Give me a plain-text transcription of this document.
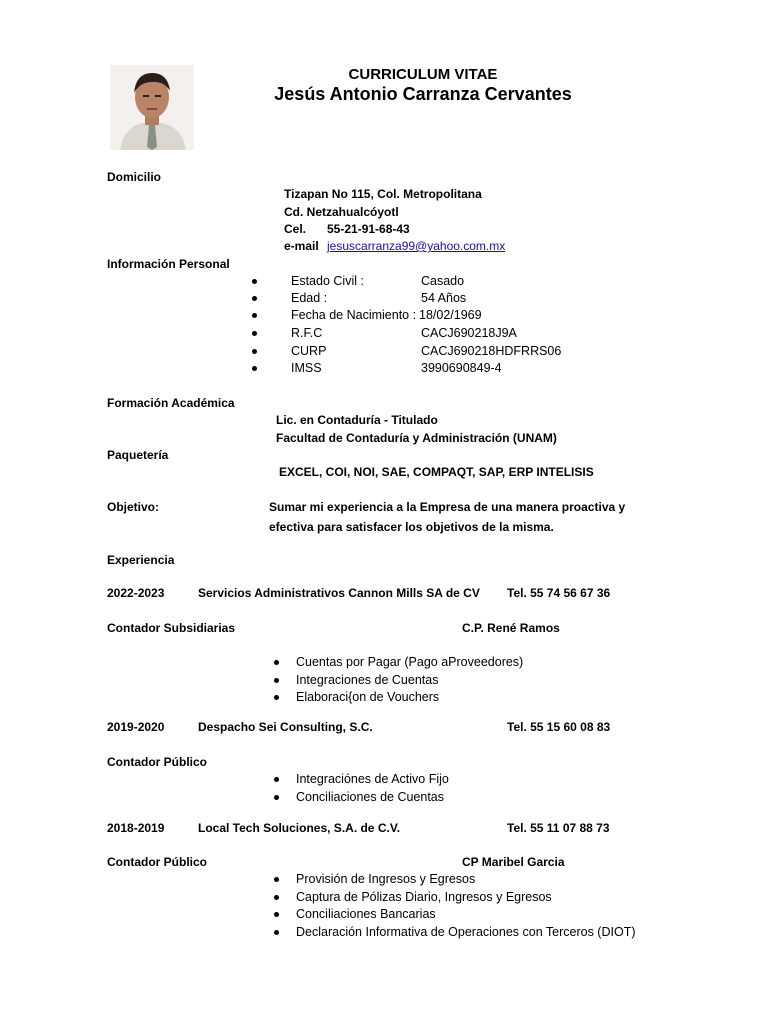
CURRICULUM VITAE
Jesús Antonio Carranza Cervantes
Domicilio
Tizapan No 115, Col. Metropolitana
Cd. Netzahualcóyotl
Cel. 55-21-91-68-43
e-mail jesuscarranza99@yahoo.com.mx
Información Personal
Estado Civil :	Casado
Edad :	54 Años
Fecha de Nacimiento : 18/02/1969
R.F.C	CACJ690218J9A
CURP	CACJ690218HDFRRS06
IMSS	3990690849-4
Formación Académica
Lic. en Contaduría - Titulado
Facultad de Contaduría y Administración (UNAM)
Paquetería
EXCEL, COI, NOI, SAE, COMPAQT, SAP, ERP INTELISIS
Objetivo:	Sumar mi experiencia a la Empresa de una manera proactiva y
efectiva para satisfacer los objetivos de la misma.
Experiencia
2022-2023	Servicios Administrativos Cannon Mills SA de CV Tel. 55 74 56 67 36
Contador Subsidiarias	C.P. René Ramos
Cuentas por Pagar (Pago aProveedores)
Integraciones de Cuentas
Elaboraci{on de Vouchers
2019-2020	Despacho Sei Consulting, S.C.	Tel. 55 15 60 08 83
Contador Público
Integraciónes de Activo Fijo
Conciliaciones de Cuentas
2018-2019	Local Tech Soluciones, S.A. de C.V.	Tel. 55 11 07 88 73
Contador Público	CP Maribel Garcia
Provisión de Ingresos y Egresos
Captura de Pólizas Diario, Ingresos y Egresos
Conciliaciones Bancarias
Declaración Informativa de Operaciones con Terceros (DIOT)
